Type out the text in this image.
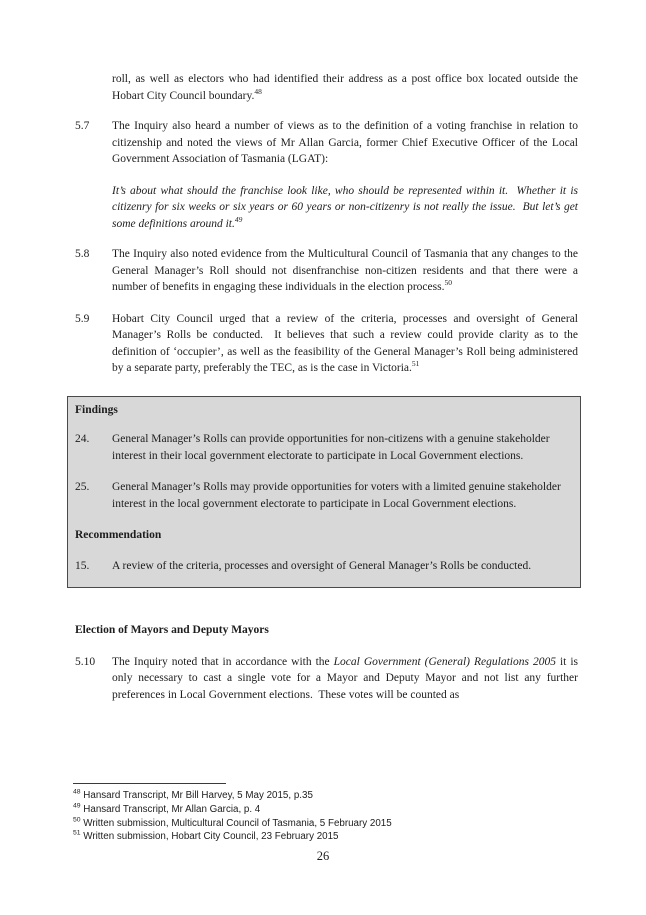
roll, as well as electors who had identified their address as a post office box located outside the Hobart City Council boundary.$^{48}$
5.7	The Inquiry also heard a number of views as to the definition of a voting franchise in relation to citizenship and noted the views of Mr Allan Garcia, former Chief Executive Officer of the Local Government Association of Tasmania (LGAT):
It’s about what should the franchise look like, who should be represented within it.  Whether it is citizenry for six weeks or six years or 60 years or non-citizenry is not really the issue.  But let’s get some definitions around it.$^{49}$
5.8	The Inquiry also noted evidence from the Multicultural Council of Tasmania that any changes to the General Manager’s Roll should not disenfranchise non-citizen residents and that there were a number of benefits in engaging these individuals in the election process.$^{50}$
5.9	Hobart City Council urged that a review of the criteria, processes and oversight of General Manager’s Rolls be conducted.  It believes that such a review could provide clarity as to the definition of ‘occupier’, as well as the feasibility of the General Manager’s Roll being administered by a separate party, preferably the TEC, as is the case in Victoria.$^{51}$
Findings
24.	General Manager’s Rolls can provide opportunities for non-citizens with a genuine stakeholder interest in their local government electorate to participate in Local Government elections.
25.	General Manager’s Rolls may provide opportunities for voters with a limited genuine stakeholder interest in the local government electorate to participate in Local Government elections.
Recommendation
15.	A review of the criteria, processes and oversight of General Manager’s Rolls be conducted.
Election of Mayors and Deputy Mayors
5.10	The Inquiry noted that in accordance with the Local Government (General) Regulations 2005 it is only necessary to cast a single vote for a Mayor and Deputy Mayor and not list any further preferences in Local Government elections.  These votes will be counted as
$^{48}$ Hansard Transcript, Mr Bill Harvey, 5 May 2015, p.35
$^{49}$ Hansard Transcript, Mr Allan Garcia, p. 4
$^{50}$ Written submission, Multicultural Council of Tasmania, 5 February 2015
$^{51}$ Written submission, Hobart City Council, 23 February 2015
26
